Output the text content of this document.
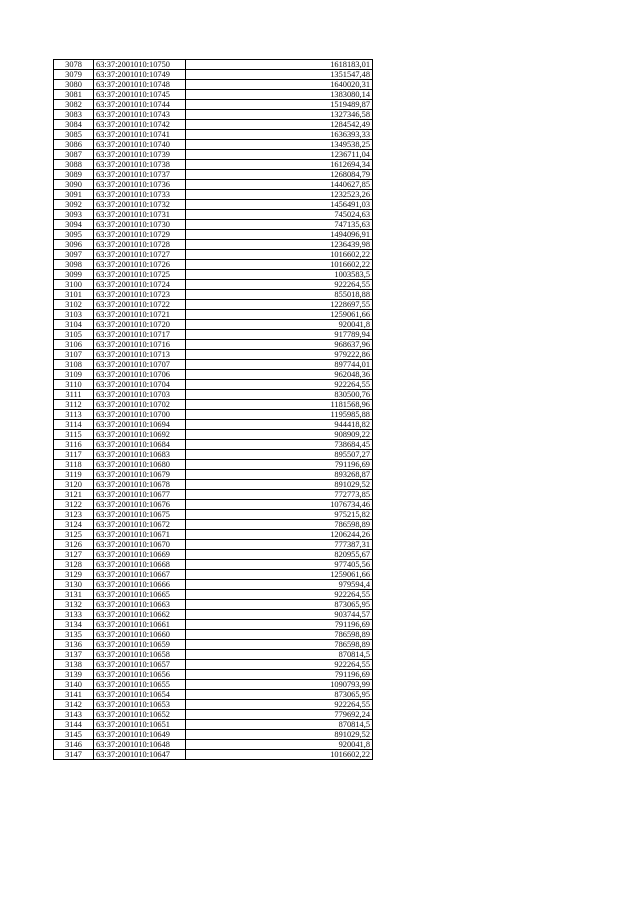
3078	63:37:2001010:10750	1618183,01
3079	63:37:2001010:10749	1351547,48
3080	63:37:2001010:10748	1640020,31
3081	63:37:2001010:10745	1383080,14
3082	63:37:2001010:10744	1519489,87
3083	63:37:2001010:10743	1327346,58
3084	63:37:2001010:10742	1284542,49
3085	63:37:2001010:10741	1636393,33
3086	63:37:2001010:10740	1349538,25
3087	63:37:2001010:10739	1236711,04
3088	63:37:2001010:10738	1612694,34
3089	63:37:2001010:10737	1268084,79
3090	63:37:2001010:10736	1440627,85
3091	63:37:2001010:10733	1232523,26
3092	63:37:2001010:10732	1456491,03
3093	63:37:2001010:10731	745024,63
3094	63:37:2001010:10730	747135,63
3095	63:37:2001010:10729	1494096,91
3096	63:37:2001010:10728	1236439,98
3097	63:37:2001010:10727	1016602,22
3098	63:37:2001010:10726	1016602,22
3099	63:37:2001010:10725	1003583,5
3100	63:37:2001010:10724	922264,55
3101	63:37:2001010:10723	855018,88
3102	63:37:2001010:10722	1228697,55
3103	63:37:2001010:10721	1259061,66
3104	63:37:2001010:10720	920041,8
3105	63:37:2001010:10717	917789,94
3106	63:37:2001010:10716	968637,96
3107	63:37:2001010:10713	979222,86
3108	63:37:2001010:10707	897744,01
3109	63:37:2001010:10706	962048,36
3110	63:37:2001010:10704	922264,55
3111	63:37:2001010:10703	830500,76
3112	63:37:2001010:10702	1181568,96
3113	63:37:2001010:10700	1195985,88
3114	63:37:2001010:10694	944418,82
3115	63:37:2001010:10692	908909,22
3116	63:37:2001010:10684	738684,45
3117	63:37:2001010:10683	895507,27
3118	63:37:2001010:10680	791196,69
3119	63:37:2001010:10679	893268,87
3120	63:37:2001010:10678	891029,52
3121	63:37:2001010:10677	772773,85
3122	63:37:2001010:10676	1076734,46
3123	63:37:2001010:10675	975215,82
3124	63:37:2001010:10672	786598,89
3125	63:37:2001010:10671	1206244,26
3126	63:37:2001010:10670	777387,31
3127	63:37:2001010:10669	820955,67
3128	63:37:2001010:10668	977405,56
3129	63:37:2001010:10667	1259061,66
3130	63:37:2001010:10666	979594,4
3131	63:37:2001010:10665	922264,55
3132	63:37:2001010:10663	873065,95
3133	63:37:2001010:10662	903744,57
3134	63:37:2001010:10661	791196,69
3135	63:37:2001010:10660	786598,89
3136	63:37:2001010:10659	786598,89
3137	63:37:2001010:10658	870814,5
3138	63:37:2001010:10657	922264,55
3139	63:37:2001010:10656	791196,69
3140	63:37:2001010:10655	1090793,99
3141	63:37:2001010:10654	873065,95
3142	63:37:2001010:10653	922264,55
3143	63:37:2001010:10652	779692,24
3144	63:37:2001010:10651	870814,5
3145	63:37:2001010:10649	891029,52
3146	63:37:2001010:10648	920041,8
3147	63:37:2001010:10647	1016602,22
